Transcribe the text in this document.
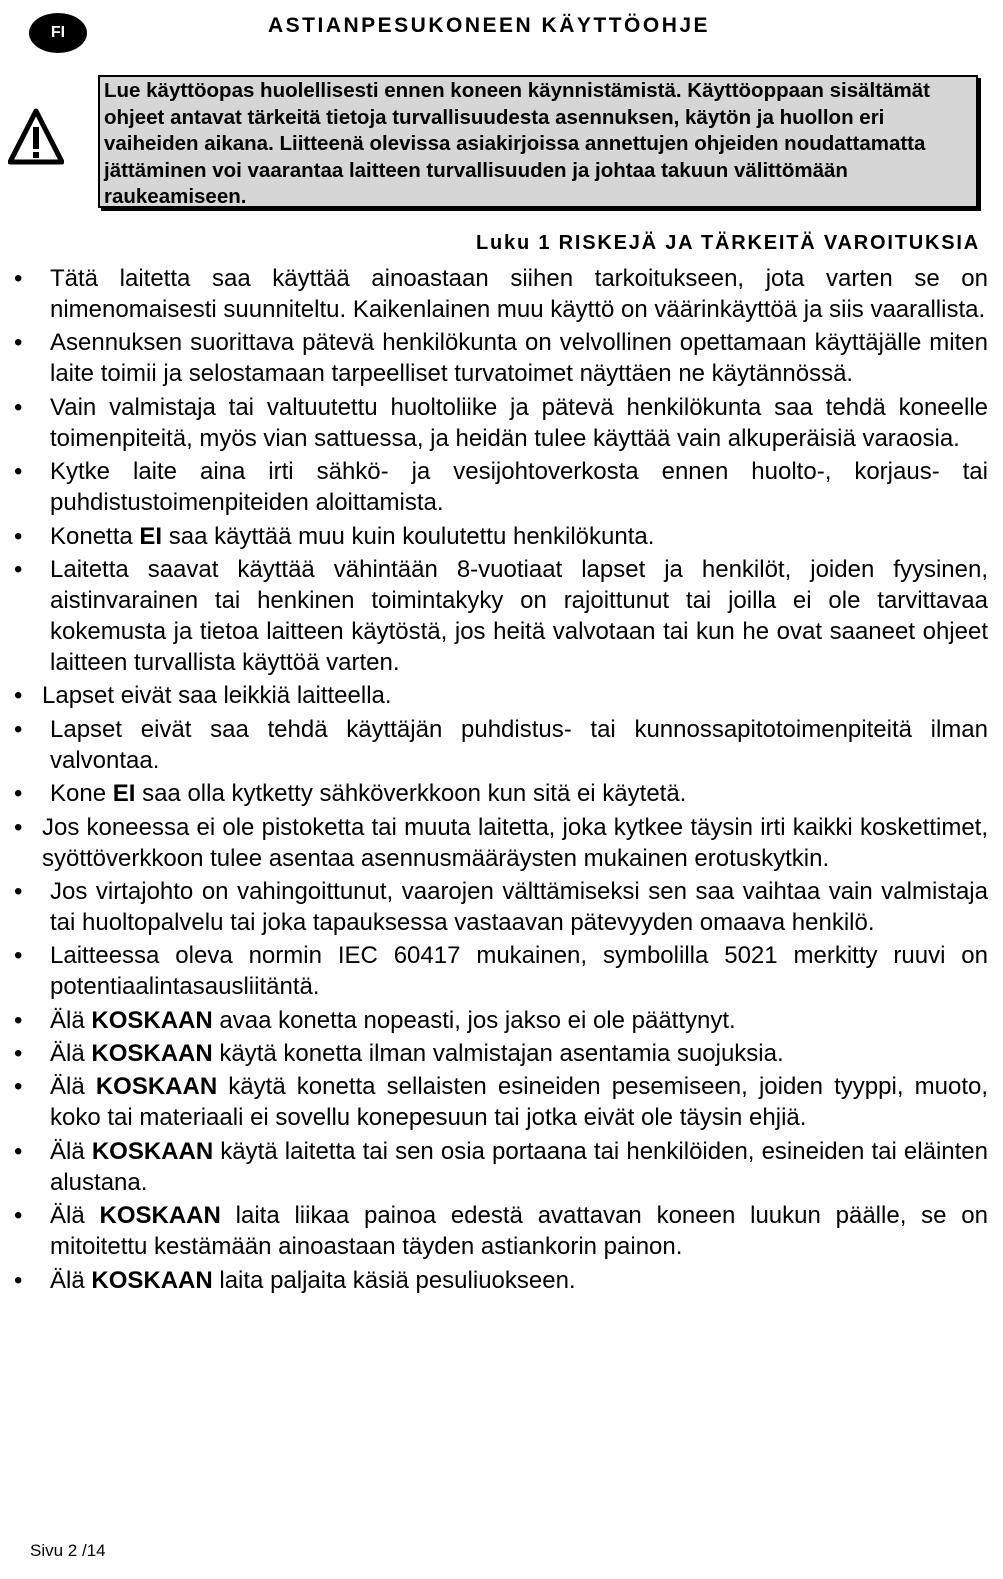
FI	ASTIANPESUKONEEN KÄYTTÖOHJE
Lue käyttöopas huolellisesti ennen koneen käynnistämistä. Käyttöoppaan sisältämät ohjeet antavat tärkeitä tietoja turvallisuudesta asennuksen, käytön ja huollon eri vaiheiden aikana. Liitteenä olevissa asiakirjoissa annettujen ohjeiden noudattamatta jättäminen voi vaarantaa laitteen turvallisuuden ja johtaa takuun välittömään raukeamiseen.
Luku 1 RISKEJÄ JA TÄRKEITÄ VAROITUKSIA
• Tätä laitetta saa käyttää ainoastaan siihen tarkoitukseen, jota varten se on nimenomaisesti suunniteltu. Kaikenlainen muu käyttö on väärinkäyttöä ja siis vaarallista.
• Asennuksen suorittava pätevä henkilökunta on velvollinen opettamaan käyttäjälle miten laite toimii ja selostamaan tarpeelliset turvatoimet näyttäen ne käytännössä.
• Vain valmistaja tai valtuutettu huoltoliike ja pätevä henkilökunta saa tehdä koneelle toimenpiteitä, myös vian sattuessa, ja heidän tulee käyttää vain alkuperäisiä varaosia.
• Kytke laite aina irti sähkö- ja vesijohtoverkosta ennen huolto-, korjaus- tai puhdistustoimenpiteiden aloittamista.
• Konetta EI saa käyttää muu kuin koulutettu henkilökunta.
• Laitetta saavat käyttää vähintään 8-vuotiaat lapset ja henkilöt, joiden fyysinen, aistinvarainen tai henkinen toimintakyky on rajoittunut tai joilla ei ole tarvittavaa kokemusta ja tietoa laitteen käytöstä, jos heitä valvotaan tai kun he ovat saaneet ohjeet laitteen turvallista käyttöä varten.
• Lapset eivät saa leikkiä laitteella.
• Lapset eivät saa tehdä käyttäjän puhdistus- tai kunnossapitotoimenpiteitä ilman valvontaa.
• Kone EI saa olla kytketty sähköverkkoon kun sitä ei käytetä.
• Jos koneessa ei ole pistoketta tai muuta laitetta, joka kytkee täysin irti kaikki koskettimet, syöttöverkkoon tulee asentaa asennusmääräysten mukainen erotuskytkin.
• Jos virtajohto on vahingoittunut, vaarojen välttämiseksi sen saa vaihtaa vain valmistaja tai huoltopalvelu tai joka tapauksessa vastaavan pätevyyden omaava henkilö.
• Laitteessa oleva normin IEC 60417 mukainen, symbolilla 5021 merkitty ruuvi on potentiaalintasausliitäntä.
• Älä KOSKAAN avaa konetta nopeasti, jos jakso ei ole päättynyt.
• Älä KOSKAAN käytä konetta ilman valmistajan asentamia suojuksia.
• Älä KOSKAAN käytä konetta sellaisten esineiden pesemiseen, joiden tyyppi, muoto, koko tai materiaali ei sovellu konepesuun tai jotka eivät ole täysin ehjiä.
• Älä KOSKAAN käytä laitetta tai sen osia portaana tai henkilöiden, esineiden tai eläinten alustana.
• Älä KOSKAAN laita liikaa painoa edestä avattavan koneen luukun päälle, se on mitoitettu kestämään ainoastaan täyden astiankorin painon.
• Älä KOSKAAN laita paljaita käsiä pesuliuokseen.
Sivu 2 /14
